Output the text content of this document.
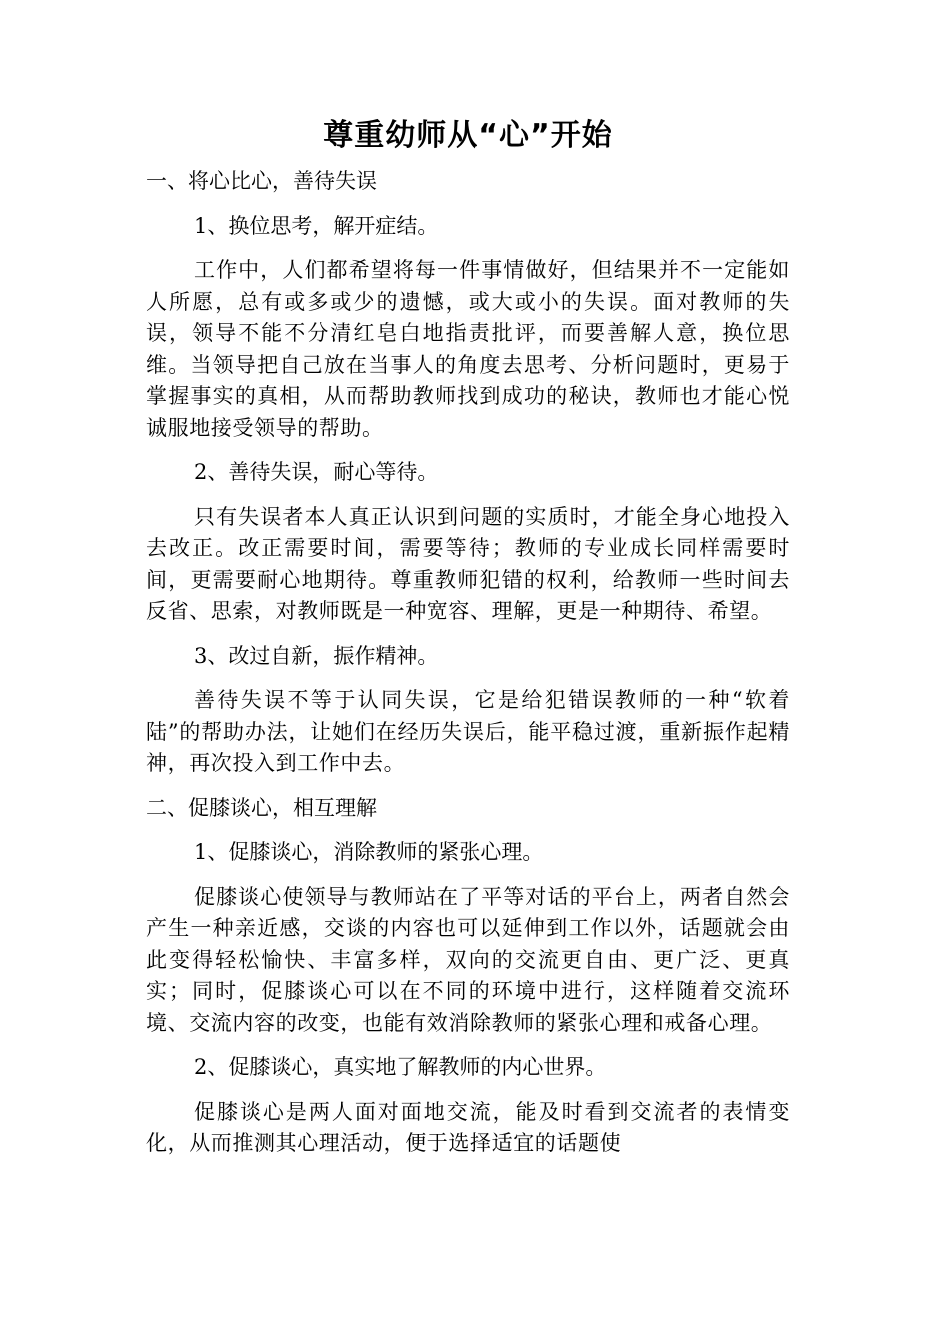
尊重幼师从“心”开始

一、将心比心，善待失误

1、换位思考，解开症结。

工作中，人们都希望将每一件事情做好，但结果并不一定能如人所愿，总有或多或少的遗憾，或大或小的失误。面对教师的失误，领导不能不分清红皂白地指责批评，而要善解人意，换位思维。当领导把自己放在当事人的角度去思考、分析问题时，更易于掌握事实的真相，从而帮助教师找到成功的秘诀，教师也才能心悦诚服地接受领导的帮助。

2、善待失误，耐心等待。

只有失误者本人真正认识到问题的实质时，才能全身心地投入去改正。改正需要时间，需要等待；教师的专业成长同样需要时间，更需要耐心地期待。尊重教师犯错的权利，给教师一些时间去反省、思索，对教师既是一种宽容、理解，更是一种期待、希望。

3、改过自新，振作精神。

善待失误不等于认同失误，它是给犯错误教师的一种“软着陆”的帮助办法，让她们在经历失误后，能平稳过渡，重新振作起精神，再次投入到工作中去。

二、促膝谈心，相互理解

1、促膝谈心，消除教师的紧张心理。

促膝谈心使领导与教师站在了平等对话的平台上，两者自然会产生一种亲近感，交谈的内容也可以延伸到工作以外，话题就会由此变得轻松愉快、丰富多样，双向的交流更自由、更广泛、更真实；同时，促膝谈心可以在不同的环境中进行，这样随着交流环境、交流内容的改变，也能有效消除教师的紧张心理和戒备心理。

2、促膝谈心，真实地了解教师的内心世界。

促膝谈心是两人面对面地交流，能及时看到交流者的表情变化，从而推测其心理活动，便于选择适宜的话题使
